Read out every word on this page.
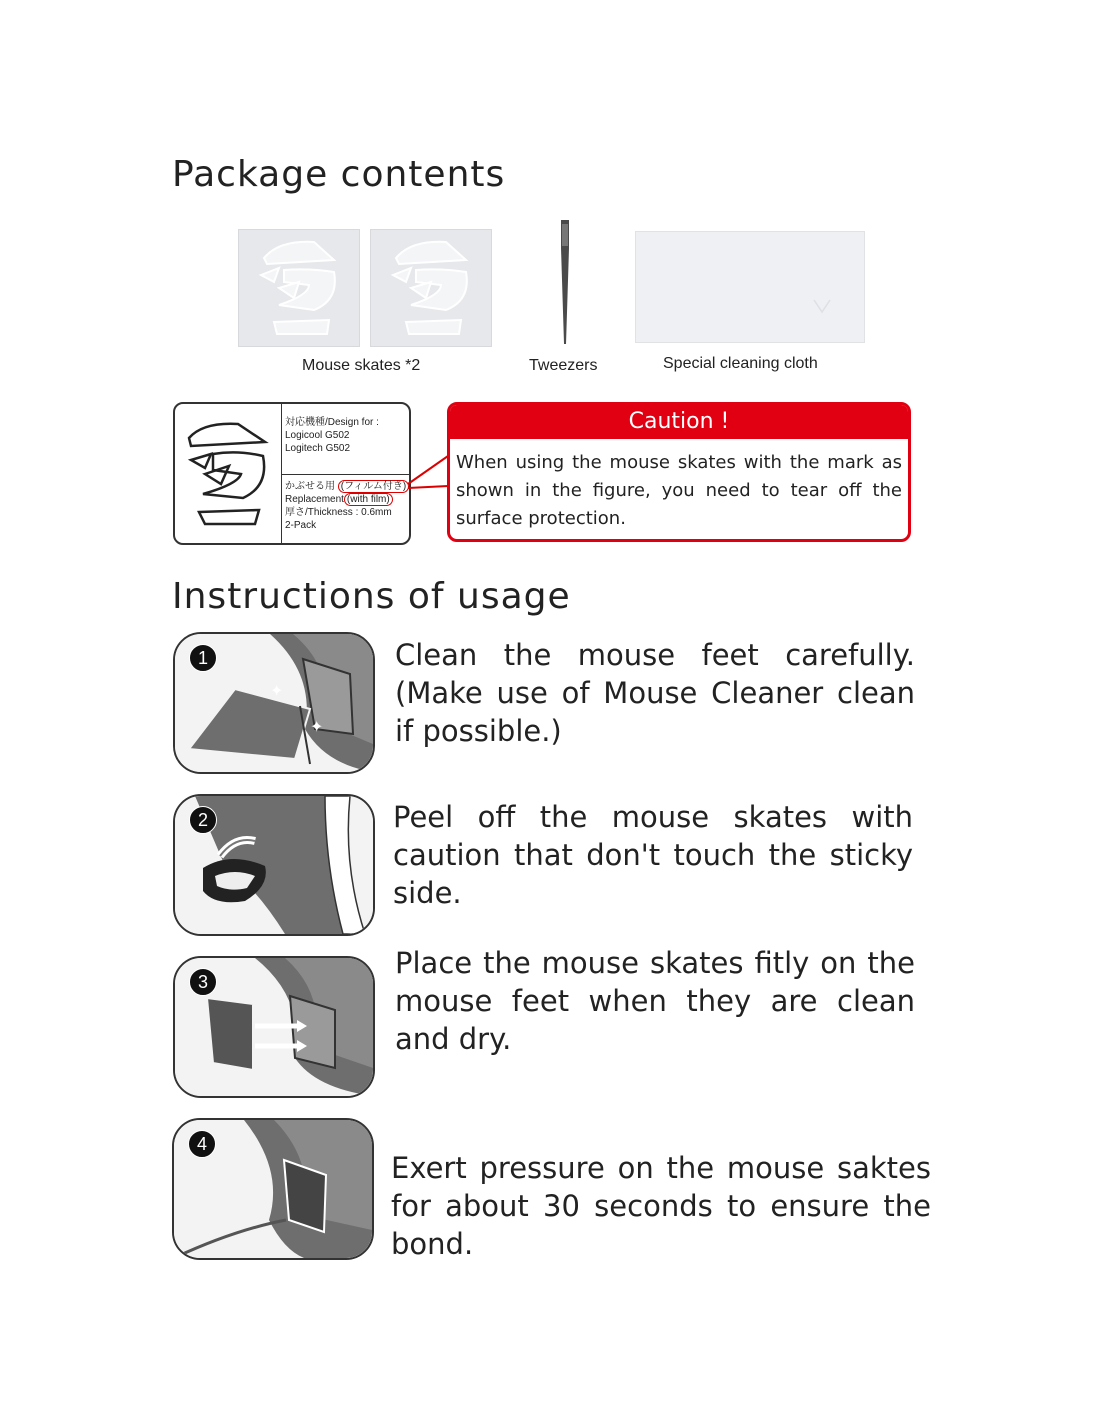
Package contents
Mouse skates *2	Tweezers	Special cleaning cloth
対応機種/Design for :
Logicool G502
Logitech G502
かぶせる用 (フィルム付き)
Replacement (with film)
厚さ/Thickness : 0.6mm
2-Pack
Caution !
When using the mouse skates with the mark as shown in the figure, you need to tear off the surface protection.
Instructions of usage
✦
✦
1	Clean the mouse feet carefully. (Make use of Mouse Cleaner clean if possible.)
2	Peel off the mouse skates with caution that don't touch the sticky side.
3
Place the mouse skates fitly on the mouse feet when they are clean and dry.
4
Exert pressure on the mouse saktes for about 30 seconds to ensure the bond.
